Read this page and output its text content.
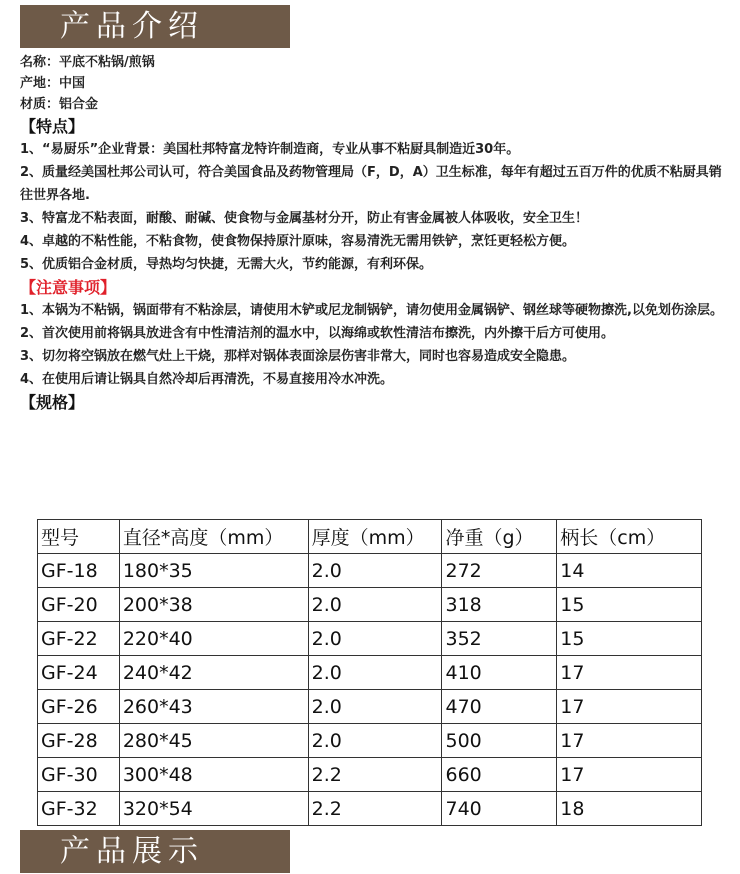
产品介绍
名称：平底不粘锅/煎锅
产地：中国
材质：铝合金
【特点】
1、“易厨乐”企业背景：美国杜邦特富龙特许制造商，专业从事不粘厨具制造近30年。
2、质量经美国杜邦公司认可，符合美国食品及药物管理局（F，D，A）卫生标准，每年有超过五百万件的优质不粘厨具销往世界各地.
3、特富龙不粘表面，耐酸、耐碱、使食物与金属基材分开，防止有害金属被人体吸收，安全卫生！
4、卓越的不粘性能，不粘食物，使食物保持原汁原味，容易清洗无需用铁铲，烹饪更轻松方便。
5、优质铝合金材质，导热均匀快捷，无需大火，节约能源，有利环保。
【注意事项】
1、本锅为不粘锅，锅面带有不粘涂层，请使用木铲或尼龙制锅铲，请勿使用金属锅铲、钢丝球等硬物擦洗,以免划伤涂层。
2、首次使用前将锅具放进含有中性清洁剂的温水中，以海绵或软性清洁布擦洗，内外擦干后方可使用。
3、切勿将空锅放在燃气灶上干烧，那样对锅体表面涂层伤害非常大，同时也容易造成安全隐患。
4、在使用后请让锅具自然冷却后再清洗，不易直接用冷水冲洗。
【规格】
型号	直径*高度（mm）	厚度（mm）	净重（g）	柄长（cm）
GF-18	180*35	2.0	272	14
GF-20	200*38	2.0	318	15
GF-22	220*40	2.0	352	15
GF-24	240*42	2.0	410	17
GF-26	260*43	2.0	470	17
GF-28	280*45	2.0	500	17
GF-30	300*48	2.2	660	17
GF-32	320*54	2.2	740	18
产品展示
